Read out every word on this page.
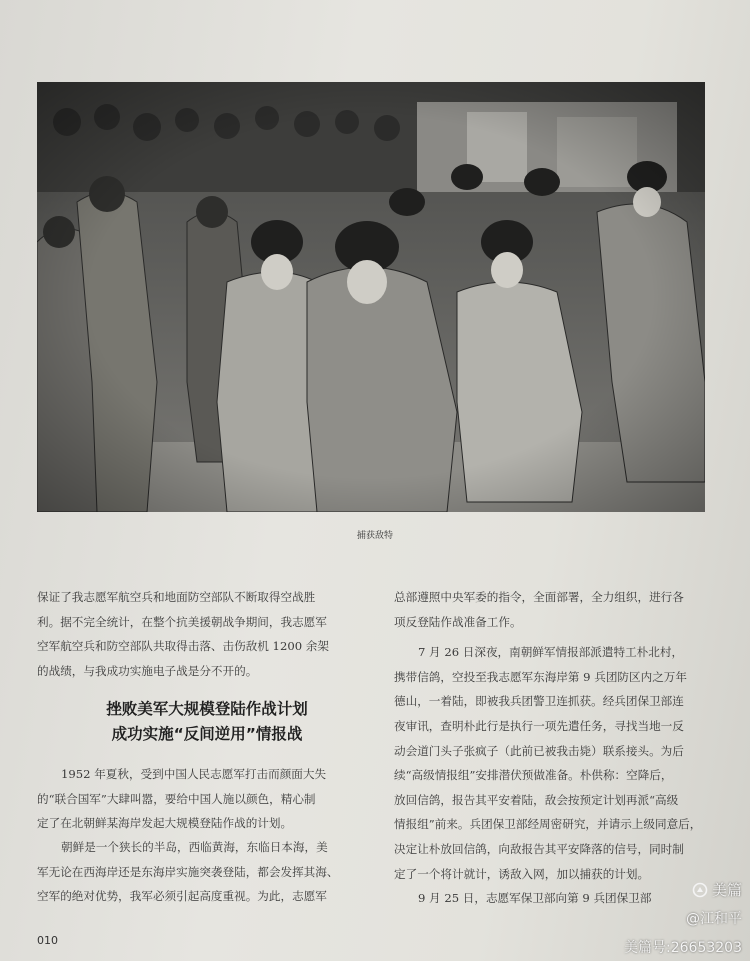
捕获敌特

保证了我志愿军航空兵和地面防空部队不断取得空战胜

利。据不完全统计，在整个抗美援朝战争期间，我志愿军

空军航空兵和防空部队共取得击落、击伤敌机 1200 余架

的战绩，与我成功实施电子战是分不开的。

挫败美军大规模登陆作战计划
成功实施“反间逆用”情报战

1952 年夏秋，受到中国人民志愿军打击而颜面大失

的“联合国军”大肆叫嚣，要给中国人施以颜色，精心制

定了在北朝鲜某海岸发起大规模登陆作战的计划。

朝鲜是一个狭长的半岛，西临黄海，东临日本海，美

军无论在西海岸还是东海岸实施突袭登陆，都会发挥其海、

空军的绝对优势，我军必须引起高度重视。为此，志愿军

总部遵照中央军委的指令，全面部署，全力组织，进行各

项反登陆作战准备工作。

7 月 26 日深夜，南朝鲜军情报部派遣特工朴北村，

携带信鸽，空投至我志愿军东海岸第 9 兵团防区内之万年

德山，一着陆，即被我兵团警卫连抓获。经兵团保卫部连

夜审讯，查明朴此行是执行一项先遣任务，寻找当地一反

动会道门头子张疯子（此前已被我击毙）联系接头。为后

续“高级情报组”安排潜伏预做准备。朴供称：空降后，

放回信鸽，报告其平安着陆，敌会按预定计划再派“高级

情报组”前来。兵团保卫部经周密研究，并请示上级同意后，

决定让朴放回信鸽，向敌报告其平安降落的信号，同时制

定了一个将计就计，诱敌入网，加以捕获的计划。

9 月 25 日，志愿军保卫部向第 9 兵团保卫部

010
美篇
@江和平
美篇号:26653203
